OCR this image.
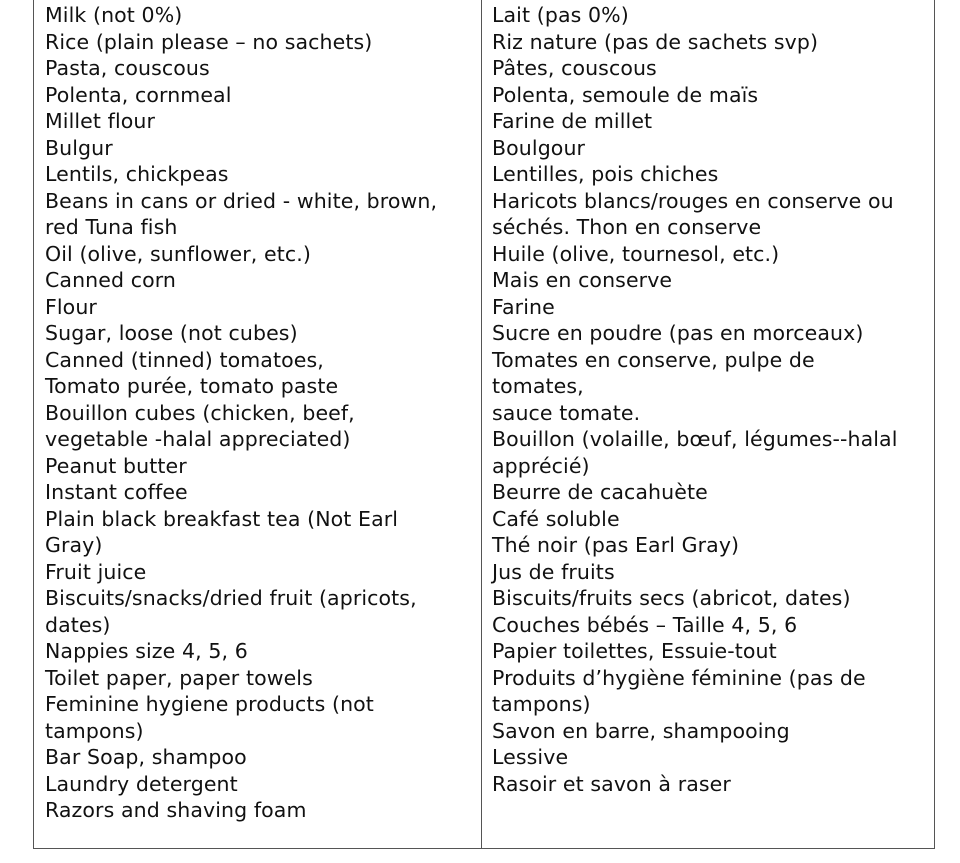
Milk (not 0%)
Rice (plain please – no sachets)
Pasta, couscous
Polenta, cornmeal
Millet flour
Bulgur
Lentils, chickpeas
Beans in cans or dried - white, brown,
red Tuna fish
Oil (olive, sunflower, etc.)
Canned corn
Flour
Sugar, loose (not cubes)
Canned (tinned) tomatoes,
Tomato purée, tomato paste
Bouillon cubes (chicken, beef,
vegetable -halal appreciated)
Peanut butter
Instant coffee
Plain black breakfast tea (Not Earl
Gray)
Fruit juice
Biscuits/snacks/dried fruit (apricots,
dates)
Nappies size 4, 5, 6
Toilet paper, paper towels
Feminine hygiene products (not
tampons)
Bar Soap, shampoo
Laundry detergent
Razors and shaving foam
Lait (pas 0%)
Riz nature (pas de sachets svp)
Pâtes, couscous
Polenta, semoule de maïs
Farine de millet
Boulgour
Lentilles, pois chiches
Haricots blancs/rouges en conserve ou
séchés. Thon en conserve
Huile (olive, tournesol, etc.)
Mais en conserve
Farine
Sucre en poudre (pas en morceaux)
Tomates en conserve, pulpe de
tomates,
sauce tomate.
Bouillon (volaille, bœuf, légumes--halal
apprécié)
Beurre de cacahuète
Café soluble
Thé noir (pas Earl Gray)
Jus de fruits
Biscuits/fruits secs (abricot, dates)
Couches bébés – Taille 4, 5, 6
Papier toilettes, Essuie-tout
Produits d’hygiène féminine (pas de
tampons)
Savon en barre, shampooing
Lessive
Rasoir et savon à raser
